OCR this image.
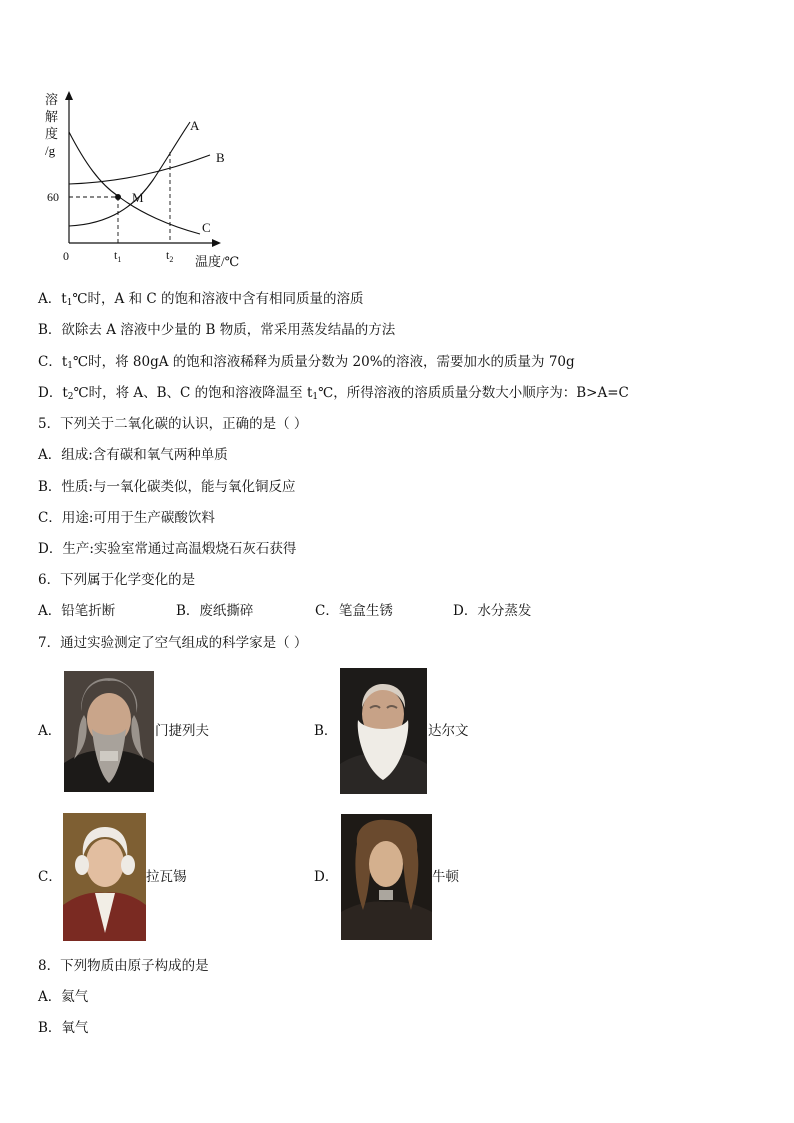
溶
解
度
/g
A
B
C
M
60
0	$t_1$	$t_2$ 温度/℃
A．$t_1℃$时，A 和 C 的饱和溶液中含有相同质量的溶质
B．欲除去 A 溶液中少量的 B 物质，常采用蒸发结晶的方法
C．$t_1℃$时，将 80gA 的饱和溶液稀释为质量分数为 20%的溶液，需要加水的质量为 70g
D．$t_2℃$时，将 A、B、C 的饱和溶液降温至 $t_1℃$，所得溶液的溶质质量分数大小顺序为：B>A=C
5．下列关于二氧化碳的认识，正确的是（ ）
A．组成:含有碳和氧气两种单质
B．性质:与一氧化碳类似，能与氧化铜反应
C．用途:可用于生产碳酸饮料
D．生产:实验室常通过高温煅烧石灰石获得
6．下列属于化学变化的是
A．铅笔折断	B．废纸撕碎	C．笔盒生锈	D．水分蒸发
7．通过实验测定了空气组成的科学家是（ ）
A．	门捷列夫	B．	达尔文
C．	拉瓦锡	D．	牛顿
8．下列物质由原子构成的是
A．氦气
B．氧气
